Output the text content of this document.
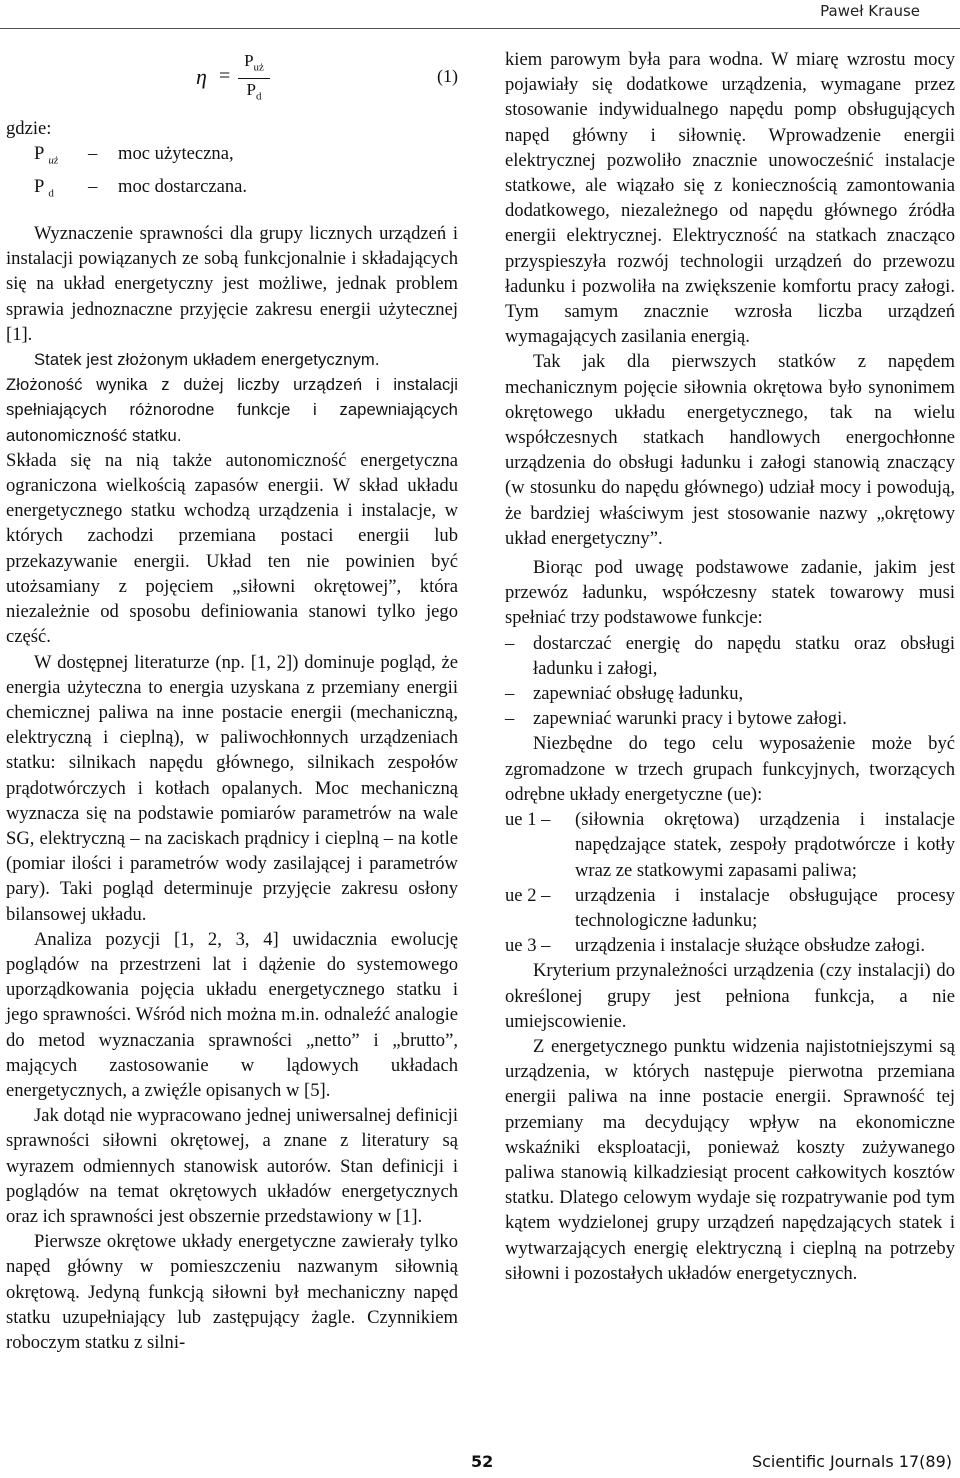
Paweł Krause
η =
$P_{uż}$
$P_d$
(1)

gdzie:

P $_{uż}$	–	moc użyteczna,
P $_d$	–	moc dostarczana.

Wyznaczenie sprawności dla grupy licznych urządzeń i instalacji powiązanych ze sobą funkcjonalnie i składających się na układ energetyczny jest możliwe, jednak problem sprawia jednoznaczne przyjęcie zakresu energii użytecznej [1].

Statek jest złożonym układem energetycznym.

Złożoność wynika z dużej liczby urządzeń i instalacji spełniających różnorodne funkcje i zapewniających autonomiczność statku.

Składa się na nią także autonomiczność energetyczna ograniczona wielkością zapasów energii. W skład układu energetycznego statku wchodzą urządzenia i instalacje, w których zachodzi przemiana postaci energii lub przekazywanie energii. Układ ten nie powinien być utożsamiany z pojęciem „siłowni okrętowej”, która niezależnie od sposobu definiowania stanowi tylko jego część.

W dostępnej literaturze (np. [1, 2]) dominuje pogląd, że energia użyteczna to energia uzyskana z przemiany energii chemicznej paliwa na inne postacie energii (mechaniczną, elektryczną i cieplną), w paliwochłonnych urządzeniach statku: silnikach napędu głównego, silnikach zespołów prądotwórczych i kotłach opalanych. Moc mechaniczną wyznacza się na podstawie pomiarów parametrów na wale SG, elektryczną – na zaciskach prądnicy i cieplną – na kotle (pomiar ilości i parametrów wody zasilającej i parametrów pary). Taki pogląd determinuje przyjęcie zakresu osłony bilansowej układu.

Analiza pozycji [1, 2, 3, 4] uwidacznia ewolucję poglądów na przestrzeni lat i dążenie do systemowego uporządkowania pojęcia układu energetycznego statku i jego sprawności. Wśród nich można m.in. odnaleźć analogie do metod wyznaczania sprawności „netto” i „brutto”, mających zastosowanie w lądowych układach energetycznych, a zwięźle opisanych w [5].

Jak dotąd nie wypracowano jednej uniwersalnej definicji sprawności siłowni okrętowej, a znane z literatury są wyrazem odmiennych stanowisk autorów. Stan definicji i poglądów na temat okrętowych układów energetycznych oraz ich sprawności jest obszernie przedstawiony w [1].

Pierwsze okrętowe układy energetyczne zawierały tylko napęd główny w pomieszczeniu nazwanym siłownią okrętową. Jedyną funkcją siłowni był mechaniczny napęd statku uzupełniający lub zastępujący żagle. Czynnikiem roboczym statku z silni-

kiem parowym była para wodna. W miarę wzrostu mocy pojawiały się dodatkowe urządzenia, wymagane przez stosowanie indywidualnego napędu pomp obsługujących napęd główny i siłownię. Wprowadzenie energii elektrycznej pozwoliło znacznie unowocześnić instalacje statkowe, ale wiązało się z koniecznością zamontowania dodatkowego, niezależnego od napędu głównego źródła energii elektrycznej. Elektryczność na statkach znacząco przyspieszyła rozwój technologii urządzeń do przewozu ładunku i pozwoliła na zwiększenie komfortu pracy załogi. Tym samym znacznie wzrosła liczba urządzeń wymagających zasilania energią.

Tak jak dla pierwszych statków z napędem mechanicznym pojęcie siłownia okrętowa było synonimem okrętowego układu energetycznego, tak na wielu współczesnych statkach handlowych energochłonne urządzenia do obsługi ładunku i załogi stanowią znaczący (w stosunku do napędu głównego) udział mocy i powodują, że bardziej właściwym jest stosowanie nazwy „okrętowy układ energetyczny”.

Biorąc pod uwagę podstawowe zadanie, jakim jest przewóz ładunku, współczesny statek towarowy musi spełniać trzy podstawowe funkcje:

– dostarczać energię do napędu statku oraz obsługi ładunku i załogi,
– zapewniać obsługę ładunku,
– zapewniać warunki pracy i bytowe załogi.

Niezbędne do tego celu wyposażenie może być zgromadzone w trzech grupach funkcyjnych, tworzących odrębne układy energetyczne (ue):

ue 1 –	(siłownia okrętowa) urządzenia i instalacje napędzające statek, zespoły prądotwórcze i kotły wraz ze statkowymi zapasami paliwa;
ue 2 –	urządzenia i instalacje obsługujące procesy technologiczne ładunku;
ue 3 –	urządzenia i instalacje służące obsłudze załogi.

Kryterium przynależności urządzenia (czy instalacji) do określonej grupy jest pełniona funkcja, a nie umiejscowienie.

Z energetycznego punktu widzenia najistotniejszymi są urządzenia, w których następuje pierwotna przemiana energii paliwa na inne postacie energii. Sprawność tej przemiany ma decydujący wpływ na ekonomiczne wskaźniki eksploatacji, ponieważ koszty zużywanego paliwa stanowią kilkadziesiąt procent całkowitych kosztów statku. Dlatego celowym wydaje się rozpatrywanie pod tym kątem wydzielonej grupy urządzeń napędzających statek i wytwarzających energię elektryczną i cieplną na potrzeby siłowni i pozostałych układów energetycznych.

52	Scientific Journals 17(89)
